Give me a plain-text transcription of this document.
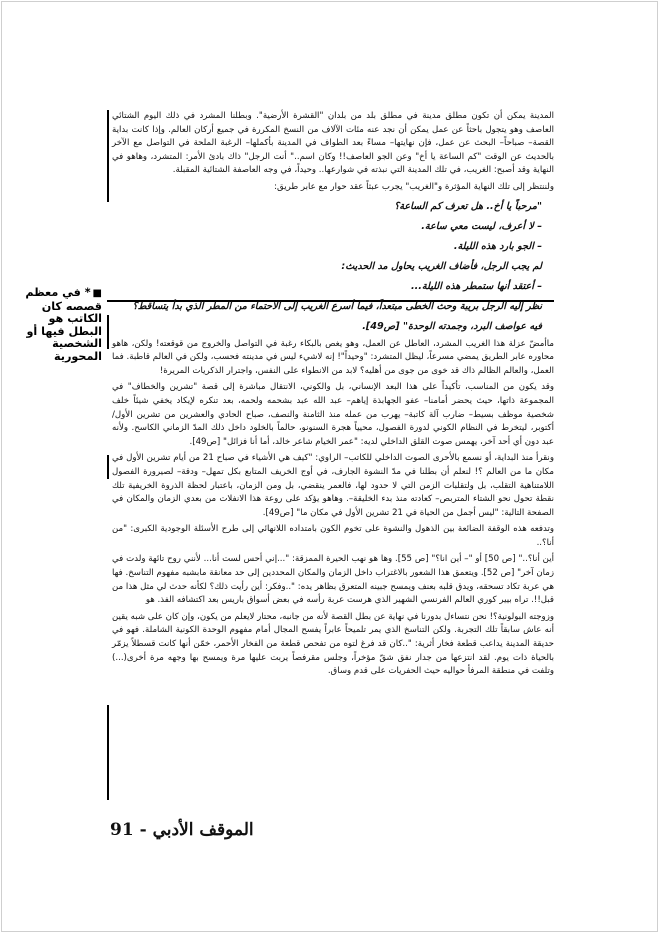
المدينة يمكن أن تكون مطلق مدينة في مطلق بلد من بلدان "القشرة الأرضية". وبطلنا المشرد في ذلك اليوم الشتائي العاصف وهو يتجول باحثاً عن عمل يمكن أن نجد عنه مئات الآلاف من النسخ المكررة في جميع أركان العالم. وإذا كانت بداية القصة– صباحاً– البحث عن عمل، فإن نهايتها– مساءً بعد الطواف في المدينة بأكملها– الرغبة الملحة في التواصل مع الآخر بالحديث عن الوقت "كم الساعة يا أخ" وعن الجو العاصف!! وكان اسم.." أنت الرجل" ذاك بادئ الأمر: المتشرد، وهاهو في النهاية وقد أصبح: الغريب، في تلك المدينة التي نبذته في شوارعها.. وحيداً، في وجه العاصفة الشتائية المقبلة.

ولننتظر إلى تلك النهاية المؤثرة و"الغريب" يجرب عبثاً عقد حوار مع عابر طريق:

"مرحباً يا أخ.. هل تعرف كم الساعة؟

– لا أعرف، ليست معي ساعة.

– الجو بارد هذه الليلة.

لم يجب الرجل، فأضاف الغريب يحاول مد الحديث:

– أعتقد أنها ستمطر هذه الليلة...

نظر إليه الرجل بريبة وحث الخطى مبتعداً، فيما أسرع الغريب إلى الاحتماء من المطر الذي بدأ يتساقط؟

فيه عواصف البرد، وجمدته الوحدة" [ص49].

ماأمضّ عزلة هذا الغريب المشرد، العاطل عن العمل، وهو يغص بالبكاء رغبة في التواصل والخروج من قوقعته! ولكن، هاهو محاوره عابر الطريق يمضي مسرعاً، ليظل المتشرد: "وحيداً"! إنه لاشيء ليس في مدينته فحسب، ولكن في العالم قاطبة. فما العمل، والعالم الظالم ذاك قد خوى من جوى من أهليه؟ لابد من الانطواء على النفس، واجترار الذكريات المريرة!

وقد يكون من المناسب، تأكيداً على هذا البعد الإنساني، بل والكوني، الانتقال مباشرة إلى قصة "تشرين والخطاف" في المجموعة ذاتها، حيث يحضر أمامنا– عفو الجهابذة إياهم– عبد الله عبد بشحمه ولحمه، بعد تنكره لإيكاد يخفي شيئاً خلف شخصية موظف بسيط– ضارب آلة كاتبة– يهرب من عمله منذ الثامنة والنصف، صباح الحادي والعشرين من تشرين الأول/ أكتوبر، ليتخرط في النظام الكوني لدورة الفصول، محيياً هجرة السنونو، حالماً بالخلود داخل ذلك المدّ الزماني الكاسح. ولأنه عبد دون أي أحد آخر، يهمس صوت القلق الداخلي لديه: "عمر الخيام شاعر خالد، أما أنا فزائل" [ص49].

ونقرأ منذ البداية، أو نسمع بالأحرى الصوت الداخلي للكاتب– الراوي: "كيف هي الأشياء في صباح 21 من أيام تشرين الأول في مكان ما من العالم ؟! لنعلم أن بطلنا في مدّ النشوة الجارف، في أوج الخريف المتابع بكل تمهل– ودقة– لصيرورة الفصول اللامتناهية التقلب، بل ولتقلبات الزمن التي لا حدود لها، فالعمر ينقضي، بل ومن الزمان، باعتبار لحظة الذروة الخريفية تلك نقطة تحول نحو الشتاء المتربص– كعادته منذ بدء الخليقة–. وهاهو يؤكد على روعة هذا الانفلات من بعدي الزمان والمكان في الصفحة التالية: "ليس أجمل من الحياة في 21 تشرين الأول في مكان ما" [ص49].

وتدفعه هذه الوقفة الضائعة بين الذهول والنشوة على تخوم الكون بامتداده اللانهائي إلى طرح الأسئلة الوجودية الكبرى: "من أنا؟..

أين أنا؟.." [ص 50] أو "– أين انا؟" [ص 55]. وها هو نهب الحيرة الممزقة: "...إني أحس لست أنا... لأنني روح تائهة ولدت في زمان آخر" [ص 52]. ويتعمق هذا الشعور بالاغتراب داخل الزمان والمكان المحددين إلى حد معانقة مابشبه مفهوم التناسخ. فها هي عربة تكاد تسحقه، ويدق قلبه بعنف ويمسح جبينه المتعرق بظاهر يده: "..وفكر: أين رأيت ذلك؟ لكأنه حدث لي مثل هذا من قبل!!. تراه بيير كوري العالم الفرنسي الشهير الذي هرست عربة رأسه في بعض أسواق باريس بعد اكتشافه الفذ. هو

وزوجته البولونية؟! نحن نتساءل بدورنا في نهاية عن بطل القصة لأنه من جانبه، محتار لايعلم من يكون، وإن كان على شبه يقين أنه عاش سابقاً تلك التجربة. ولكن التناسخ الذي يمر تلميحاً عابراً يفسح المجال أمام مفهوم الوحدة الكونية الشاملة. فهو في حديقة المدينة يداعب قطعة فخار أثرية: "..كان قد فرغ لتوه من تفحص قطعة من الفخار الأحمر، خمّن أنها كانت قسطلاً يزمّر بالحياة ذات يوم. لقد انتزعها من جدار نفق شقّ مؤخراً، وجلس مقرفصاً يربت عليها مرة ويمسح بها وجهه مرة أخرى(...) وتلفت في منطقة المرفأ حواليه حيث الحفريات على قدم وساق.

■* في معظم قصصه كان الكاتب هو البطل فيها أو الشخصية المحورية
الموقف الأدبي - 91
